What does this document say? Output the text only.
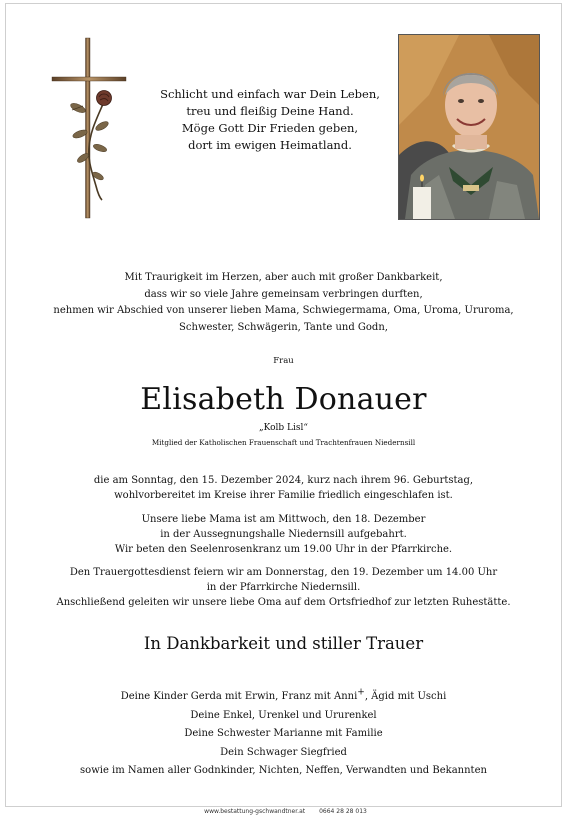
Schlicht und einfach war Dein Leben,
treu und fleißig Deine Hand.
Möge Gott Dir Frieden geben,
dort im ewigen Heimatland.
Mit Traurigkeit im Herzen, aber auch mit großer Dankbarkeit,
dass wir so viele Jahre gemeinsam verbringen durften,
nehmen wir Abschied von unserer lieben Mama, Schwiegermama, Oma, Uroma, Ururoma,
Schwester, Schwägerin, Tante und Godn,
Frau
Elisabeth Donauer
„Kolb Lisl“
Mitglied der Katholischen Frauenschaft und Trachtenfrauen Niedernsill
die am Sonntag, den 15. Dezember 2024, kurz nach ihrem 96. Geburtstag,
wohlvorbereitet im Kreise ihrer Familie friedlich eingeschlafen ist.
Unsere liebe Mama ist am Mittwoch, den 18. Dezember
in der Aussegnungshalle Niedernsill aufgebahrt.
Wir beten den Seelenrosenkranz um 19.00 Uhr in der Pfarrkirche.
Den Trauergottesdienst feiern wir am Donnerstag, den 19. Dezember um 14.00 Uhr
in der Pfarrkirche Niedernsill.
Anschließend geleiten wir unsere liebe Oma auf dem Ortsfriedhof zur letzten Ruhestätte.
In Dankbarkeit und stiller Trauer
Deine Kinder Gerda mit Erwin, Franz mit Anni+, Ägid mit Uschi
Deine Enkel, Urenkel und Ururenkel
Deine Schwester Marianne mit Familie
Dein Schwager Siegfried
sowie im Namen aller Godnkinder, Nichten, Neffen, Verwandten und Bekannten
www.bestattung-gschwandtner.at 0664 28 28 013
